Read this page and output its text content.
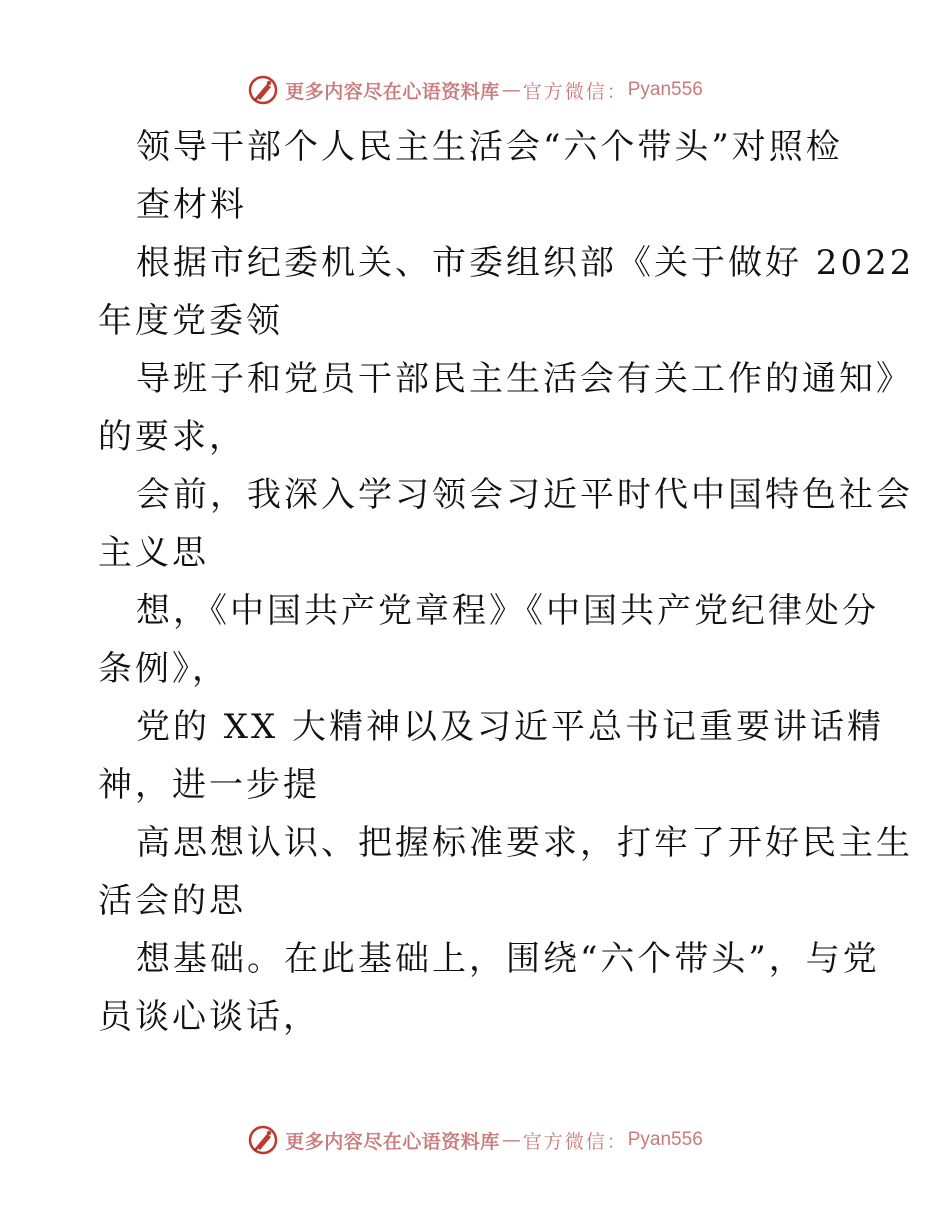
更多内容尽在心语资料库 — 官方微信： Pyan556
领导干部个人民主生活会“六个带头”对照检
查材料
根据市纪委机关、市委组织部《关于做好 2022
年度党委领
导班子和党员干部民主生活会有关工作的通知》
的要求，
会前，我深入学习领会习近平时代中国特色社会
主义思
想，《中国共产党章程》《中国共产党纪律处分
条例》，
党的 XX 大精神以及习近平总书记重要讲话精
神，进一步提
高思想认识、把握标准要求，打牢了开好民主生
活会的思
想基础。在此基础上，围绕“六个带头”，与党
员谈心谈话，
更多内容尽在心语资料库 — 官方微信： Pyan556
